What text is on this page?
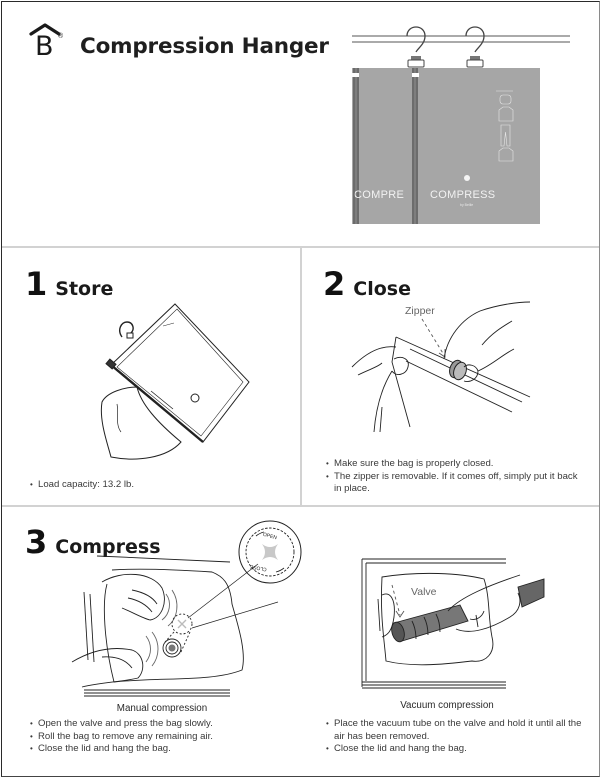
B ® Compression Hanger
COMPRE COMPRESS
by Bellie
1 Store
• Load capacity: 13.2 lb.
2 Close
Zipper
• Make sure the bag is properly closed.
• The zipper is removable. If it comes off, simply put it back in place.
3 Compress	OPEN
CLOSE
Manual compression
• Open the valve and press the bag slowly.
• Roll the bag to remove any remaining air.
• Close the lid and hang the bag.
Valve
Vacuum compression
• Place the vacuum tube on the valve and hold it until all the air has been removed.
• Close the lid and hang the bag.
